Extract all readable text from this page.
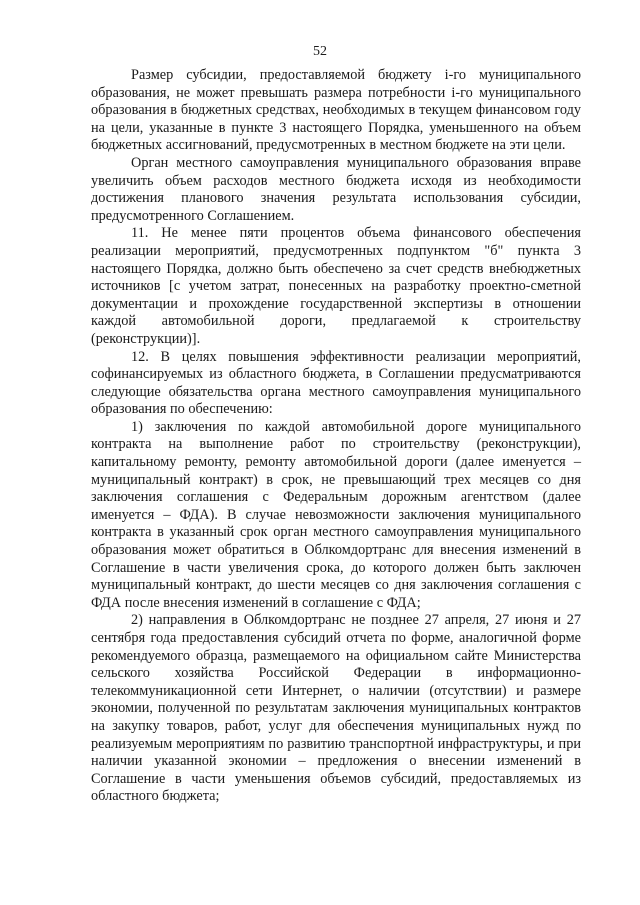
52

Размер субсидии, предоставляемой бюджету i-го муниципального образования, не может превышать размера потребности i-го муниципального образования в бюджетных средствах, необходимых в текущем финансовом году на цели, указанные в пункте 3 настоящего Порядка, уменьшенного на объем бюджетных ассигнований, предусмотренных в местном бюджете на эти цели.

Орган местного самоуправления муниципального образования вправе увеличить объем расходов местного бюджета исходя из необходимости достижения планового значения результата использования субсидии, предусмотренного Соглашением.

11. Не менее пяти процентов объема финансового обеспечения реализации мероприятий, предусмотренных подпунктом "б" пункта 3 настоящего Порядка, должно быть обеспечено за счет средств внебюджетных источников [с учетом затрат, понесенных на разработку проектно-сметной документации и прохождение государственной экспертизы в отношении каждой автомобильной дороги, предлагаемой к строительству (реконструкции)].

12. В целях повышения эффективности реализации мероприятий, софинансируемых из областного бюджета, в Соглашении предусматриваются следующие обязательства органа местного самоуправления муниципального образования по обеспечению:

1) заключения по каждой автомобильной дороге муниципального контракта на выполнение работ по строительству (реконструкции), капитальному ремонту, ремонту автомобильной дороги (далее именуется – муниципальный контракт) в срок, не превышающий трех месяцев со дня заключения соглашения с Федеральным дорожным агентством (далее именуется – ФДА). В случае невозможности заключения муниципального контракта в указанный срок орган местного самоуправления муниципального образования может обратиться в Облкомдортранс для внесения изменений в Соглашение в части увеличения срока, до которого должен быть заключен муниципальный контракт, до шести месяцев со дня заключения соглашения с ФДА после внесения изменений в соглашение с ФДА;

2) направления в Облкомдортранс не позднее 27 апреля, 27 июня и 27 сентября года предоставления субсидий отчета по форме, аналогичной форме рекомендуемого образца, размещаемого на официальном сайте Министерства сельского хозяйства Российской Федерации в информационно-телекоммуникационной сети Интернет, о наличии (отсутствии) и размере экономии, полученной по результатам заключения муниципальных контрактов на закупку товаров, работ, услуг для обеспечения муниципальных нужд по реализуемым мероприятиям по развитию транспортной инфраструктуры, и при наличии указанной экономии – предложения о внесении изменений в Соглашение в части уменьшения объемов субсидий, предоставляемых из областного бюджета;
